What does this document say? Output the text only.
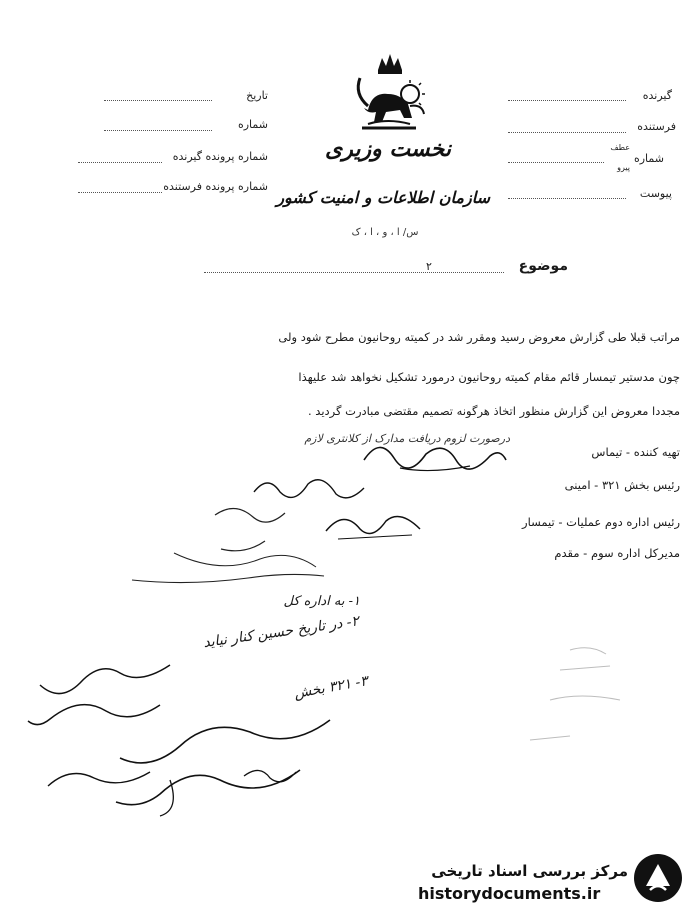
نخست وزیری
سازمان اطلاعات و امنیت کشور
س/ ا ، و ، ا ، ک
تاریخ
شماره
شماره پرونده گیرنده
شماره پرونده فرستنده
گیرنده
فرستنده
شماره
عطف
پیرو
پیوست
موضوع
۲
مراتب قبلا طی گزارش معروض رسید ومقرر شد در کمیته روحانیون مطرح شود ولی
چون مدستیر تیمسار قائم مقام کمیته روحانیون درمورد تشکیل نخواهد شد علیهذا
مجددا معروض این گزارش منظور اتخاذ هرگونه تصمیم مقتضی مبادرت گردید .
درصورت لزوم دریافت مدارک از کلانتری لازم
تهیه کننده - تیماس
رئیس بخش ۳۲۱ - امینی
رئیس اداره دوم عملیات - تیمسار
مدیرکل اداره سوم - مقدم
۱- به اداره کل
۲- در تاریخ حسین کنار نیاید
۳- ۳۲۱ بخش
مرکز بررسی اسناد تاریخی
historydocuments.ir
